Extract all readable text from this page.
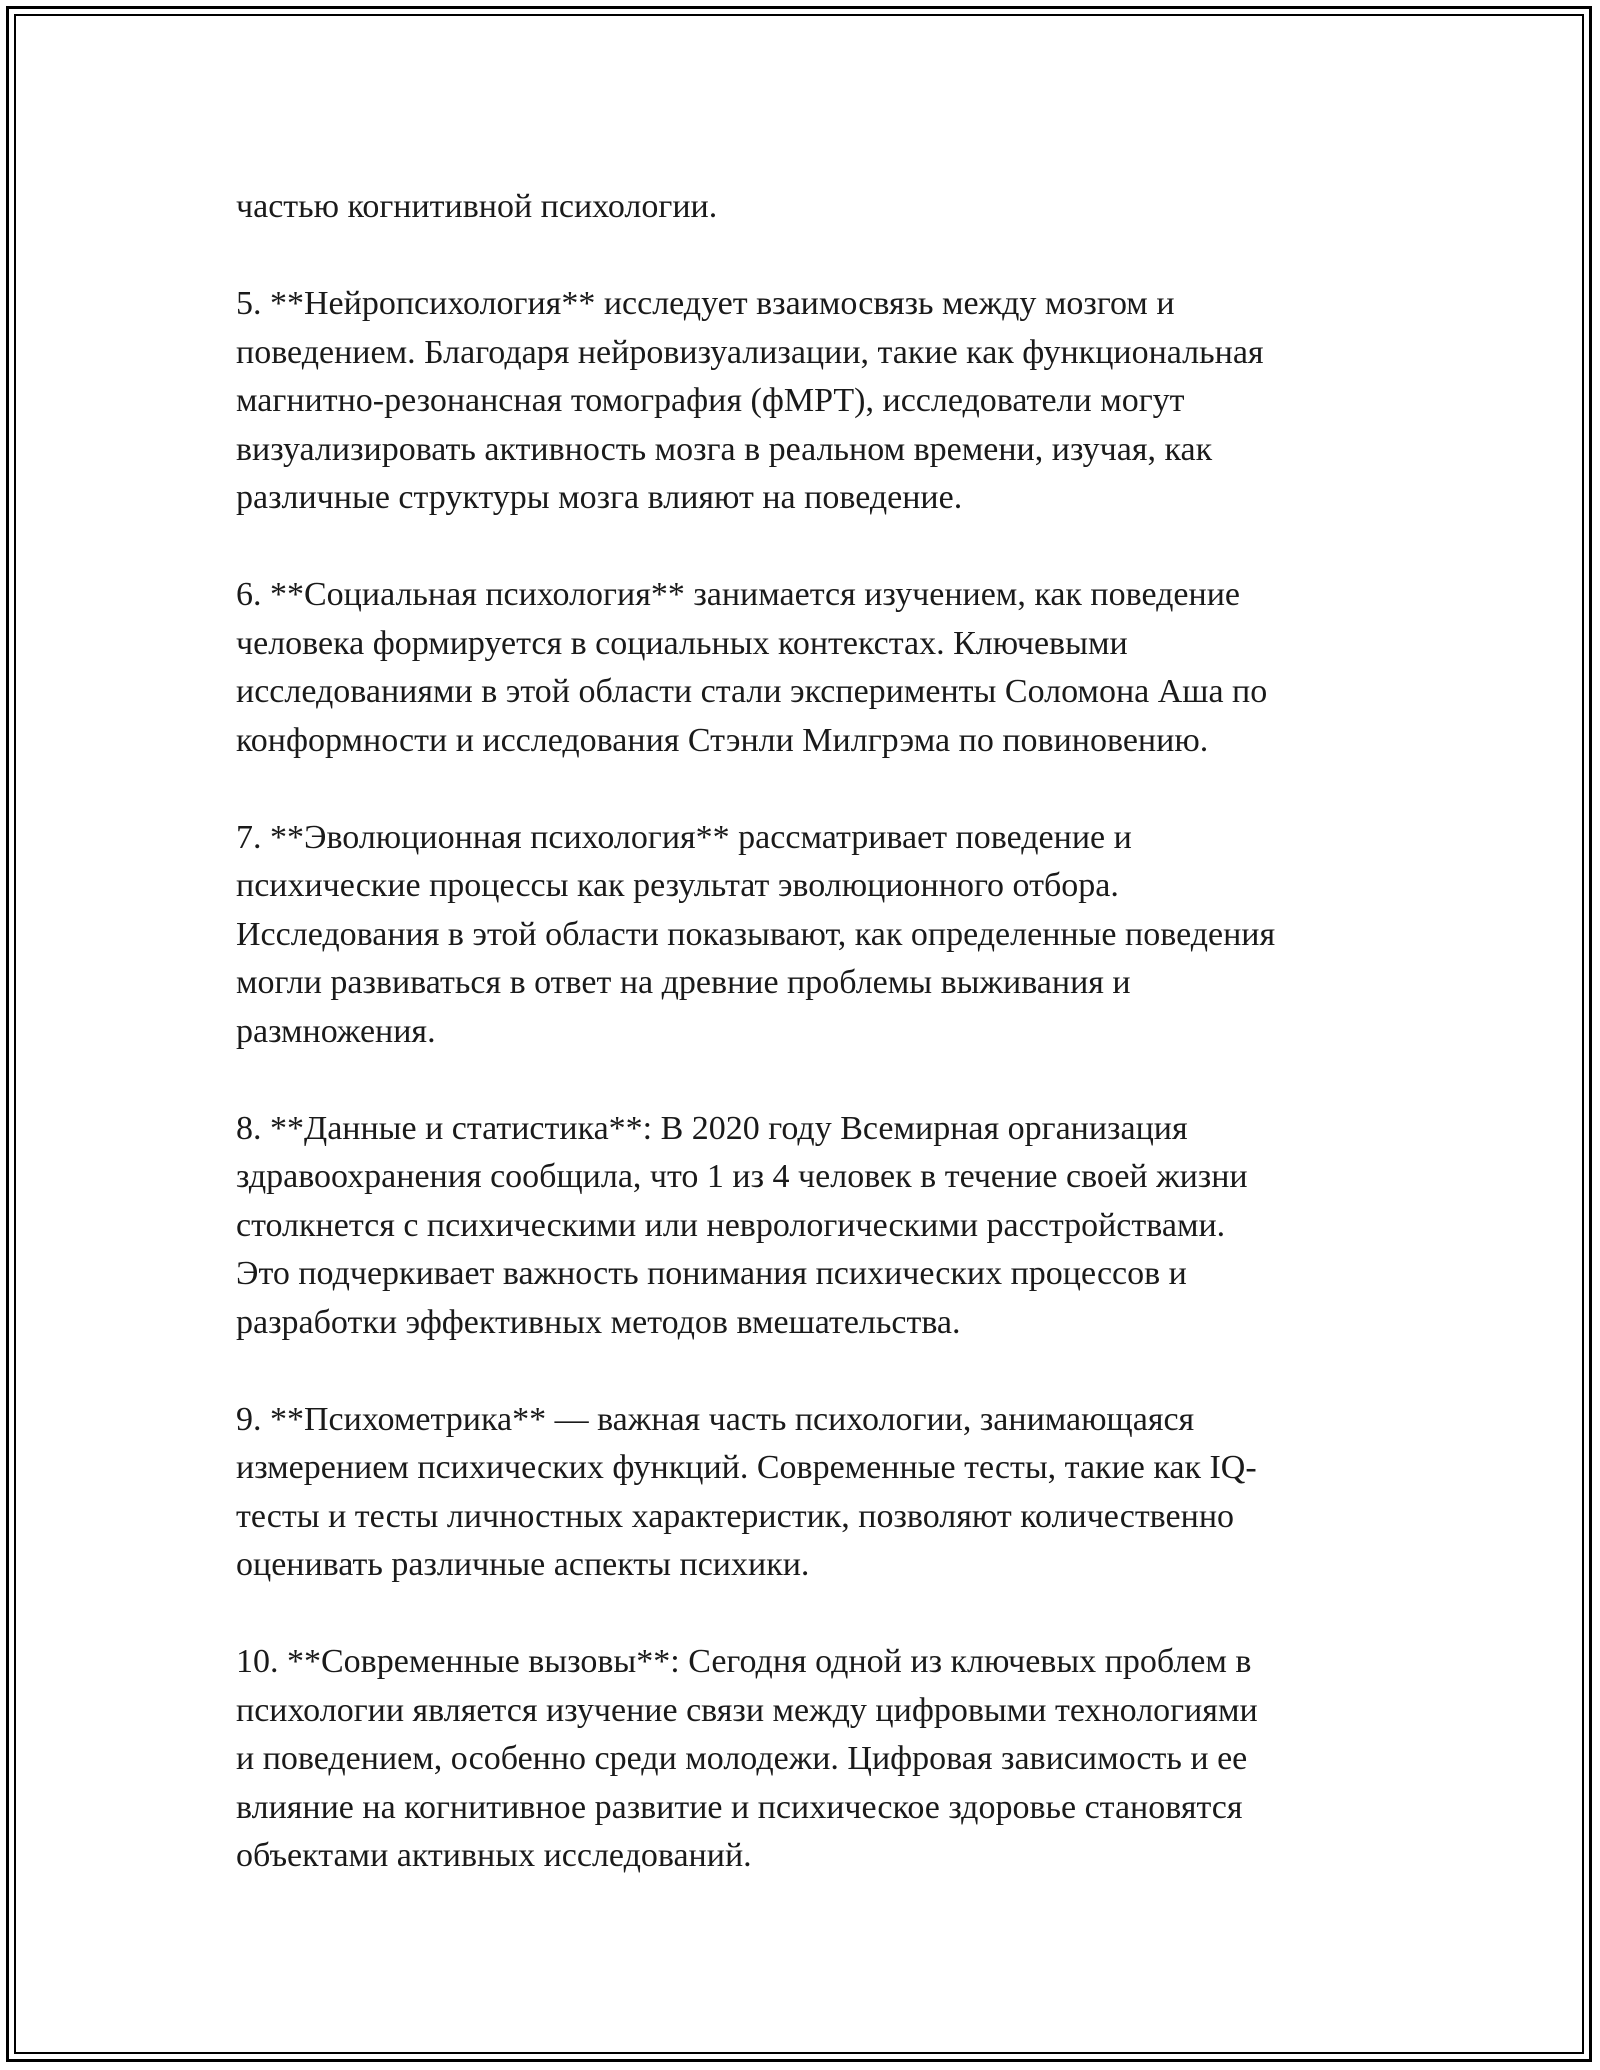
частью когнитивной психологии.

5. **Нейропсихология** исследует взаимосвязь между мозгом и
поведением. Благодаря нейровизуализации, такие как функциональная
магнитно-резонансная томография (фМРТ), исследователи могут
визуализировать активность мозга в реальном времени, изучая, как
различные структуры мозга влияют на поведение.

6. **Социальная психология** занимается изучением, как поведение
человека формируется в социальных контекстах. Ключевыми
исследованиями в этой области стали эксперименты Соломона Аша по
конформности и исследования Стэнли Милгрэма по повиновению.

7. **Эволюционная психология** рассматривает поведение и
психические процессы как результат эволюционного отбора.
Исследования в этой области показывают, как определенные поведения
могли развиваться в ответ на древние проблемы выживания и
размножения.

8. **Данные и статистика**: В 2020 году Всемирная организация
здравоохранения сообщила, что 1 из 4 человек в течение своей жизни
столкнется с психическими или неврологическими расстройствами.
Это подчеркивает важность понимания психических процессов и
разработки эффективных методов вмешательства.

9. **Психометрика** — важная часть психологии, занимающаяся
измерением психических функций. Современные тесты, такие как IQ-
тесты и тесты личностных характеристик, позволяют количественно
оценивать различные аспекты психики.

10. **Современные вызовы**: Сегодня одной из ключевых проблем в
психологии является изучение связи между цифровыми технологиями
и поведением, особенно среди молодежи. Цифровая зависимость и ее
влияние на когнитивное развитие и психическое здоровье становятся
объектами активных исследований.
